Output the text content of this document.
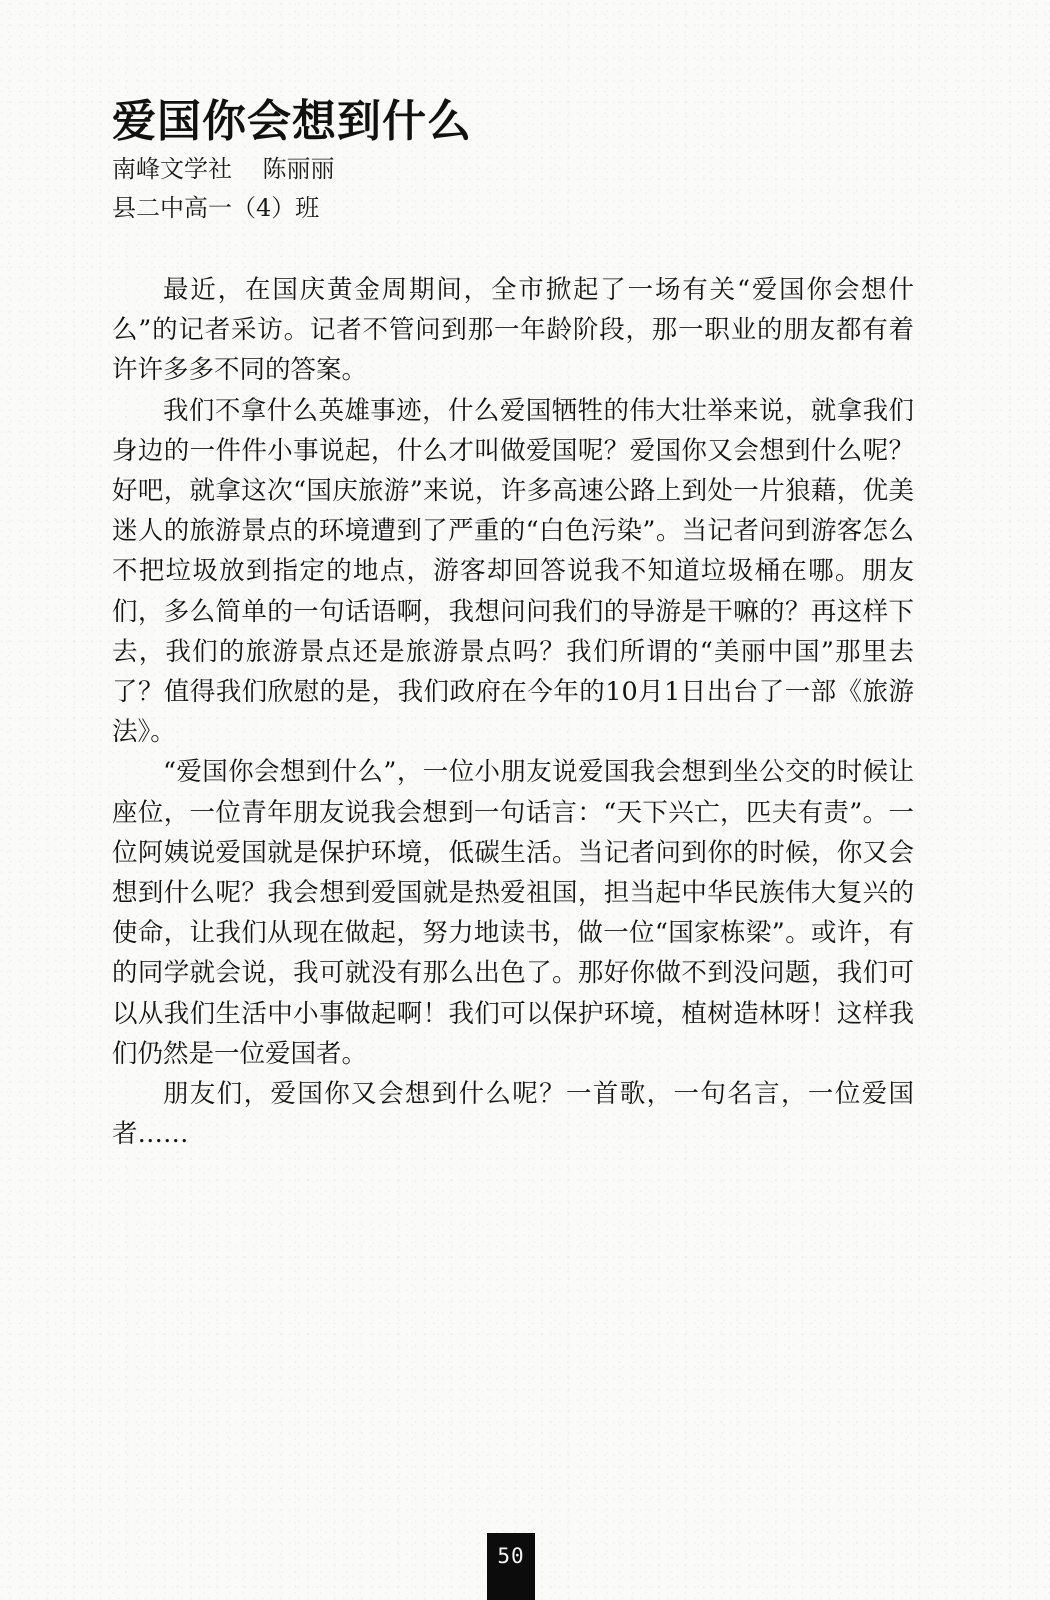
爱国你会想到什么
南峰文学社    陈丽丽
县二中高一（4）班

最近，在国庆黄金周期间，全市掀起了一场有关“爱国你会想什么”的记者采访。记者不管问到那一年龄阶段，那一职业的朋友都有着许许多多不同的答案。

我们不拿什么英雄事迹，什么爱国牺牲的伟大壮举来说，就拿我们身边的一件件小事说起，什么才叫做爱国呢？爱国你又会想到什么呢？好吧，就拿这次“国庆旅游”来说，许多高速公路上到处一片狼藉，优美迷人的旅游景点的环境遭到了严重的“白色污染”。当记者问到游客怎么不把垃圾放到指定的地点，游客却回答说我不知道垃圾桶在哪。朋友们，多么简单的一句话语啊，我想问问我们的导游是干嘛的？再这样下去，我们的旅游景点还是旅游景点吗？我们所谓的“美丽中国”那里去了？值得我们欣慰的是，我们政府在今年的10月1日出台了一部《旅游法》。

“爱国你会想到什么”，一位小朋友说爱国我会想到坐公交的时候让座位，一位青年朋友说我会想到一句话言：“天下兴亡，匹夫有责”。一位阿姨说爱国就是保护环境，低碳生活。当记者问到你的时候，你又会想到什么呢？我会想到爱国就是热爱祖国，担当起中华民族伟大复兴的使命，让我们从现在做起，努力地读书，做一位“国家栋梁”。或许，有的同学就会说，我可就没有那么出色了。那好你做不到没问题，我们可以从我们生活中小事做起啊！我们可以保护环境，植树造林呀！这样我们仍然是一位爱国者。

朋友们，爱国你又会想到什么呢？一首歌，一句名言，一位爱国者……

50
